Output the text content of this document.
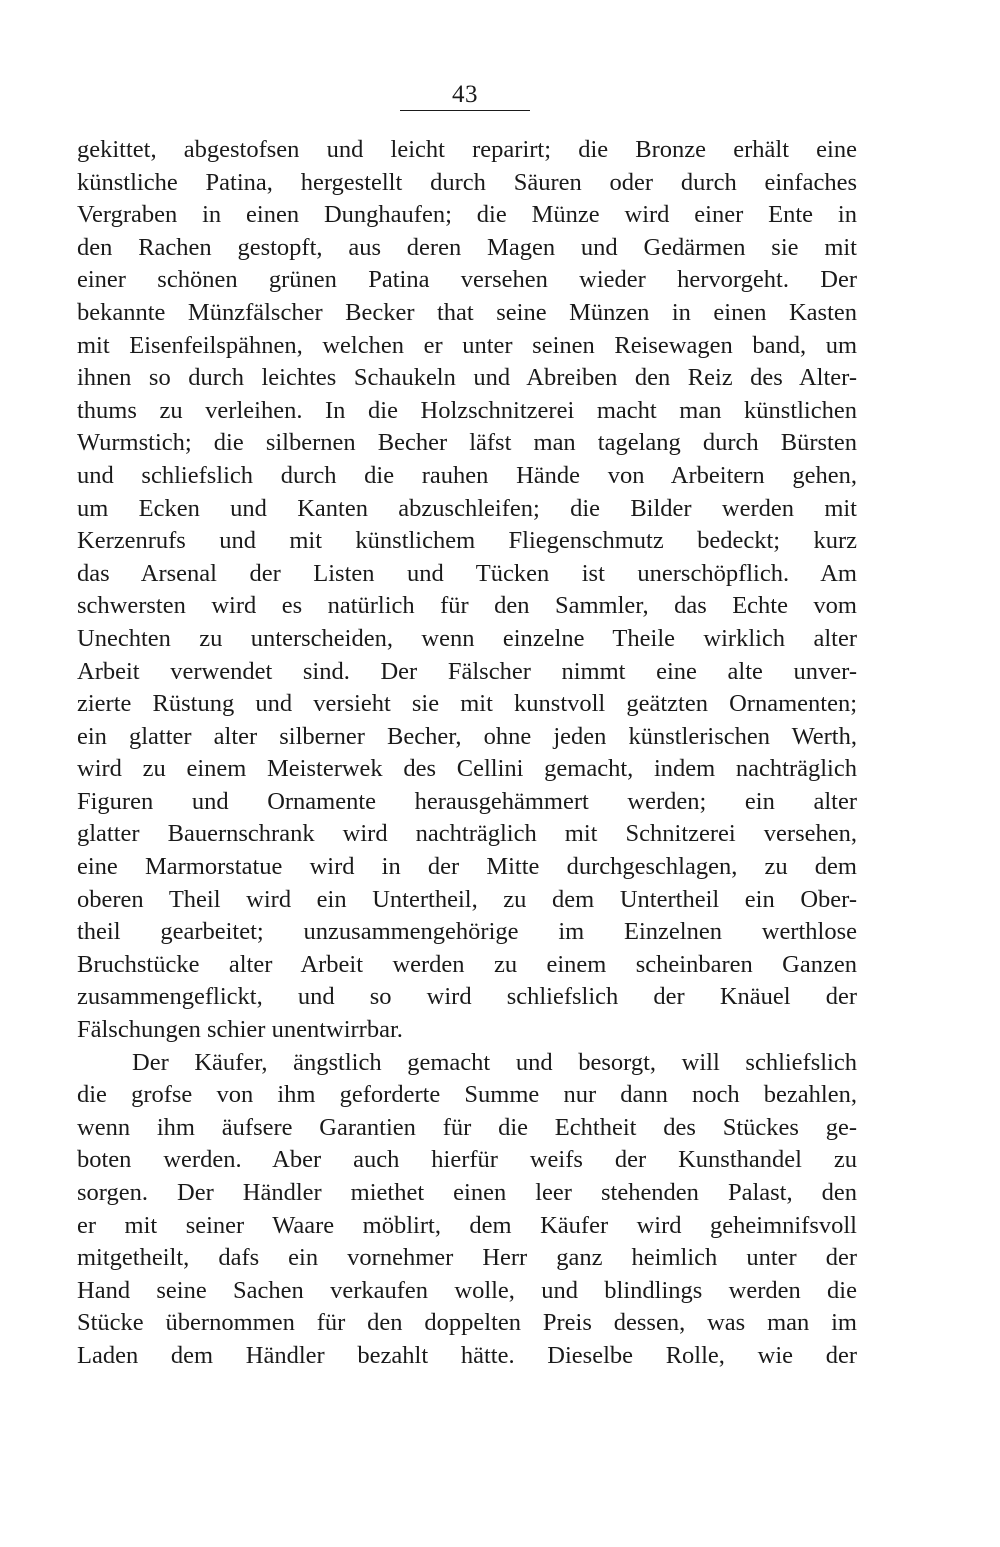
43
gekittet, abgestofsen und leicht reparirt; die Bronze erhält eine
künstliche Patina, hergestellt durch Säuren oder durch einfaches
Vergraben in einen Dunghaufen; die Münze wird einer Ente in
den Rachen gestopft, aus deren Magen und Gedärmen sie mit
einer schönen grünen Patina versehen wieder hervorgeht. Der
bekannte Münzfälscher Becker that seine Münzen in einen Kasten
mit Eisenfeilspähnen, welchen er unter seinen Reisewagen band, um
ihnen so durch leichtes Schaukeln und Abreiben den Reiz des Alter-
thums zu verleihen. In die Holzschnitzerei macht man künstlichen
Wurmstich; die silbernen Becher läfst man tagelang durch Bürsten
und schliefslich durch die rauhen Hände von Arbeitern gehen,
um Ecken und Kanten abzuschleifen; die Bilder werden mit
Kerzenrufs und mit künstlichem Fliegenschmutz bedeckt; kurz
das Arsenal der Listen und Tücken ist unerschöpflich. Am
schwersten wird es natürlich für den Sammler, das Echte vom
Unechten zu unterscheiden, wenn einzelne Theile wirklich alter
Arbeit verwendet sind. Der Fälscher nimmt eine alte unver-
zierte Rüstung und versieht sie mit kunstvoll geätzten Ornamenten;
ein glatter alter silberner Becher, ohne jeden künstlerischen Werth,
wird zu einem Meisterwek des Cellini gemacht, indem nachträglich
Figuren und Ornamente herausgehämmert werden; ein alter
glatter Bauernschrank wird nachträglich mit Schnitzerei versehen,
eine Marmorstatue wird in der Mitte durchgeschlagen, zu dem
oberen Theil wird ein Untertheil, zu dem Untertheil ein Ober-
theil gearbeitet; unzusammengehörige im Einzelnen werthlose
Bruchstücke alter Arbeit werden zu einem scheinbaren Ganzen
zusammengeflickt, und so wird schliefslich der Knäuel der
Fälschungen schier unentwirrbar.
Der Käufer, ängstlich gemacht und besorgt, will schliefslich
die grofse von ihm geforderte Summe nur dann noch bezahlen,
wenn ihm äufsere Garantien für die Echtheit des Stückes ge-
boten werden. Aber auch hierfür weifs der Kunsthandel zu
sorgen. Der Händler miethet einen leer stehenden Palast, den
er mit seiner Waare möblirt, dem Käufer wird geheimnifsvoll
mitgetheilt, dafs ein vornehmer Herr ganz heimlich unter der
Hand seine Sachen verkaufen wolle, und blindlings werden die
Stücke übernommen für den doppelten Preis dessen, was man im
Laden dem Händler bezahlt hätte. Dieselbe Rolle, wie der
